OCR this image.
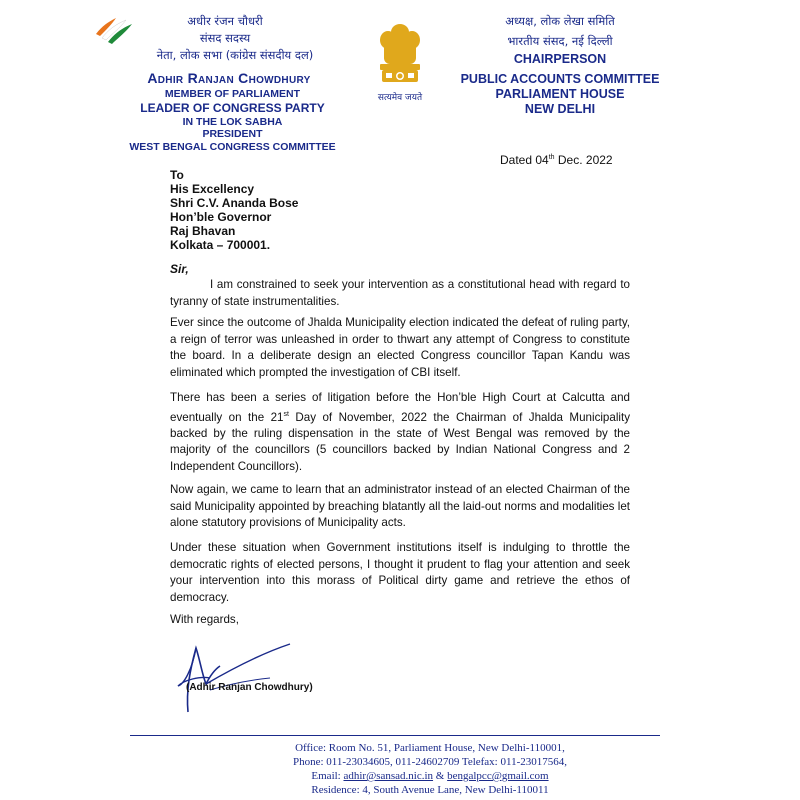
अधीर रंजन चौधरी
संसद सदस्य
नेता, लोक सभा (कांग्रेस संसदीय दल)
Adhir Ranjan Chowdhury
MEMBER OF PARLIAMENT
LEADER OF CONGRESS PARTY
IN THE LOK SABHA
PRESIDENT
WEST BENGAL CONGRESS COMMITTEE
सत्यमेव जयते
अध्यक्ष, लोक लेखा समिति
भारतीय संसद, नई दिल्ली
CHAIRPERSON
PUBLIC ACCOUNTS COMMITTEE
PARLIAMENT HOUSE
NEW DELHI
Dated 04th Dec. 2022
To
His Excellency
Shri C.V. Ananda Bose
Hon’ble Governor
Raj Bhavan
Kolkata – 700001.
Sir,
I am constrained to seek your intervention as a constitutional head with regard to tyranny of state instrumentalities.
Ever since the outcome of Jhalda Municipality election indicated the defeat of ruling party, a reign of terror was unleashed in order to thwart any attempt of Congress to constitute the board. In a deliberate design an elected Congress councillor Tapan Kandu was eliminated which prompted the investigation of CBI itself.
There has been a series of litigation before the Hon’ble High Court at Calcutta and eventually on the 21st Day of November, 2022 the Chairman of Jhalda Municipality backed by the ruling dispensation in the state of West Bengal was removed by the majority of the councillors (5 councillors backed by Indian National Congress and 2 Independent Councillors).
Now again, we came to learn that an administrator instead of an elected Chairman of the said Municipality appointed by breaching blatantly all the laid-out norms and modalities let alone statutory provisions of Municipality acts.
Under these situation when Government institutions itself is indulging to throttle the democratic rights of elected persons, I thought it prudent to flag your attention and seek your intervention into this morass of Political dirty game and retrieve the ethos of democracy.
With regards,
(Adhir Ranjan Chowdhury)
Office: Room No. 51, Parliament House, New Delhi-110001,
Phone: 011-23034605, 011-24602709 Telefax: 011-23017564,
Email: adhir@sansad.nic.in & bengalpcc@gmail.com
Residence: 4, South Avenue Lane, New Delhi-110011
